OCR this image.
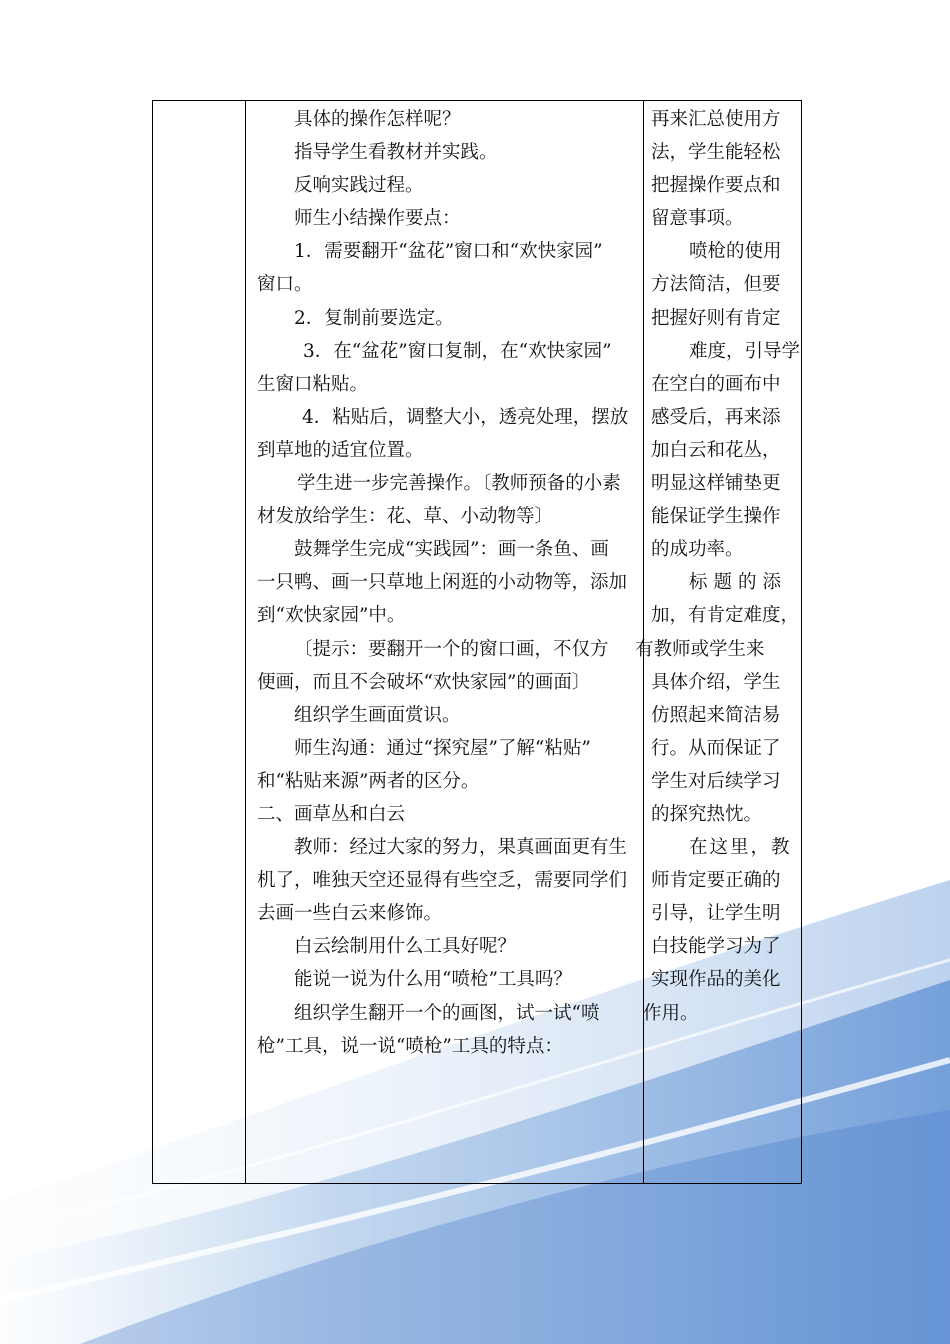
具体的操作怎样呢？
指导学生看教材并实践。
反响实践过程。
师生小结操作要点：
1．需要翻开“盆花”窗口和“欢快家园”
窗口。
2．复制前要选定。
3．在“盆花”窗口复制，在“欢快家园”
生窗口粘贴。
4．粘贴后，调整大小，透亮处理，摆放
到草地的适宜位置。
学生进一步完善操作。〔教师预备的小素
材发放给学生：花、草、小动物等〕
鼓舞学生完成“实践园”：画一条鱼、画
一只鸭、画一只草地上闲逛的小动物等，添加
到“欢快家园”中。
〔提示：要翻开一个的窗口画，不仅方
便画，而且不会破坏“欢快家园”的画面〕
组织学生画面赏识。
师生沟通：通过“探究屋”了解“粘贴”
和“粘贴来源”两者的区分。
二、画草丛和白云
教师：经过大家的努力，果真画面更有生
机了，唯独天空还显得有些空乏，需要同学们
去画一些白云来修饰。
白云绘制用什么工具好呢？
能说一说为什么用“喷枪”工具吗？
组织学生翻开一个的画图，试一试“喷
枪”工具，说一说“喷枪”工具的特点：
再来汇总使用方
法，学生能轻松
把握操作要点和
留意事项。
喷枪的使用
方法简洁，但要
把握好则有肯定
难度，引导学
在空白的画布中
感受后，再来添
加白云和花丛，
明显这样铺垫更
能保证学生操作
的成功率。
标题的添
加，有肯定难度，
有教师或学生来
具体介绍，学生
仿照起来简洁易
行。从而保证了
学生对后续学习
的探究热忱。
在这里，教
师肯定要正确的
引导，让学生明
白技能学习为了
实现作品的美化
作用。
